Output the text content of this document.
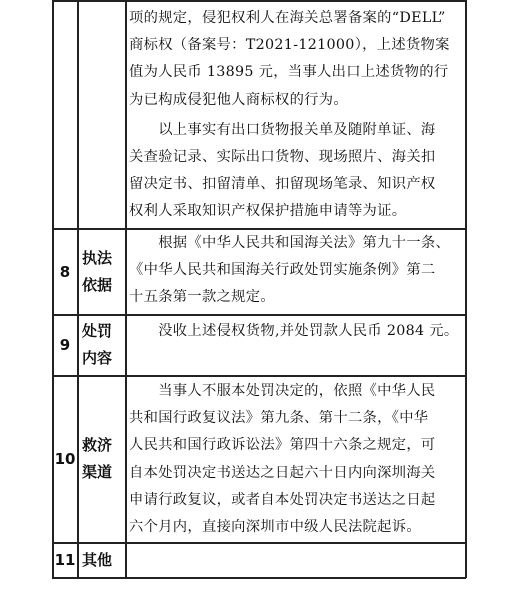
项的规定，侵犯权利人在海关总署备案的“DELL”
商标权（备案号：T2021-121000），上述货物案
值为人民币 13895 元，当事人出口上述货物的行
为已构成侵犯他人商标权的行为。

　　以上事实有出口货物报关单及随附单证、海
关查验记录、实际出口货物、现场照片、海关扣
留决定书、扣留清单、扣留现场笔录、知识产权
权利人采取知识产权保护措施申请等为证。

8
执法
依据

　　根据《中华人民共和国海关法》第九十一条、
《中华人民共和国海关行政处罚实施条例》第二
十五条第一款之规定。

9
处罚
内容

　　没收上述侵权货物,并处罚款人民币 2084 元。

10
救济
渠道

　　当事人不服本处罚决定的，依照《中华人民
共和国行政复议法》第九条、第十二条，《中华
人民共和国行政诉讼法》第四十六条之规定，可
自本处罚决定书送达之日起六十日内向深圳海关
申请行政复议，或者自本处罚决定书送达之日起
六个月内，直接向深圳市中级人民法院起诉。

11 其他
